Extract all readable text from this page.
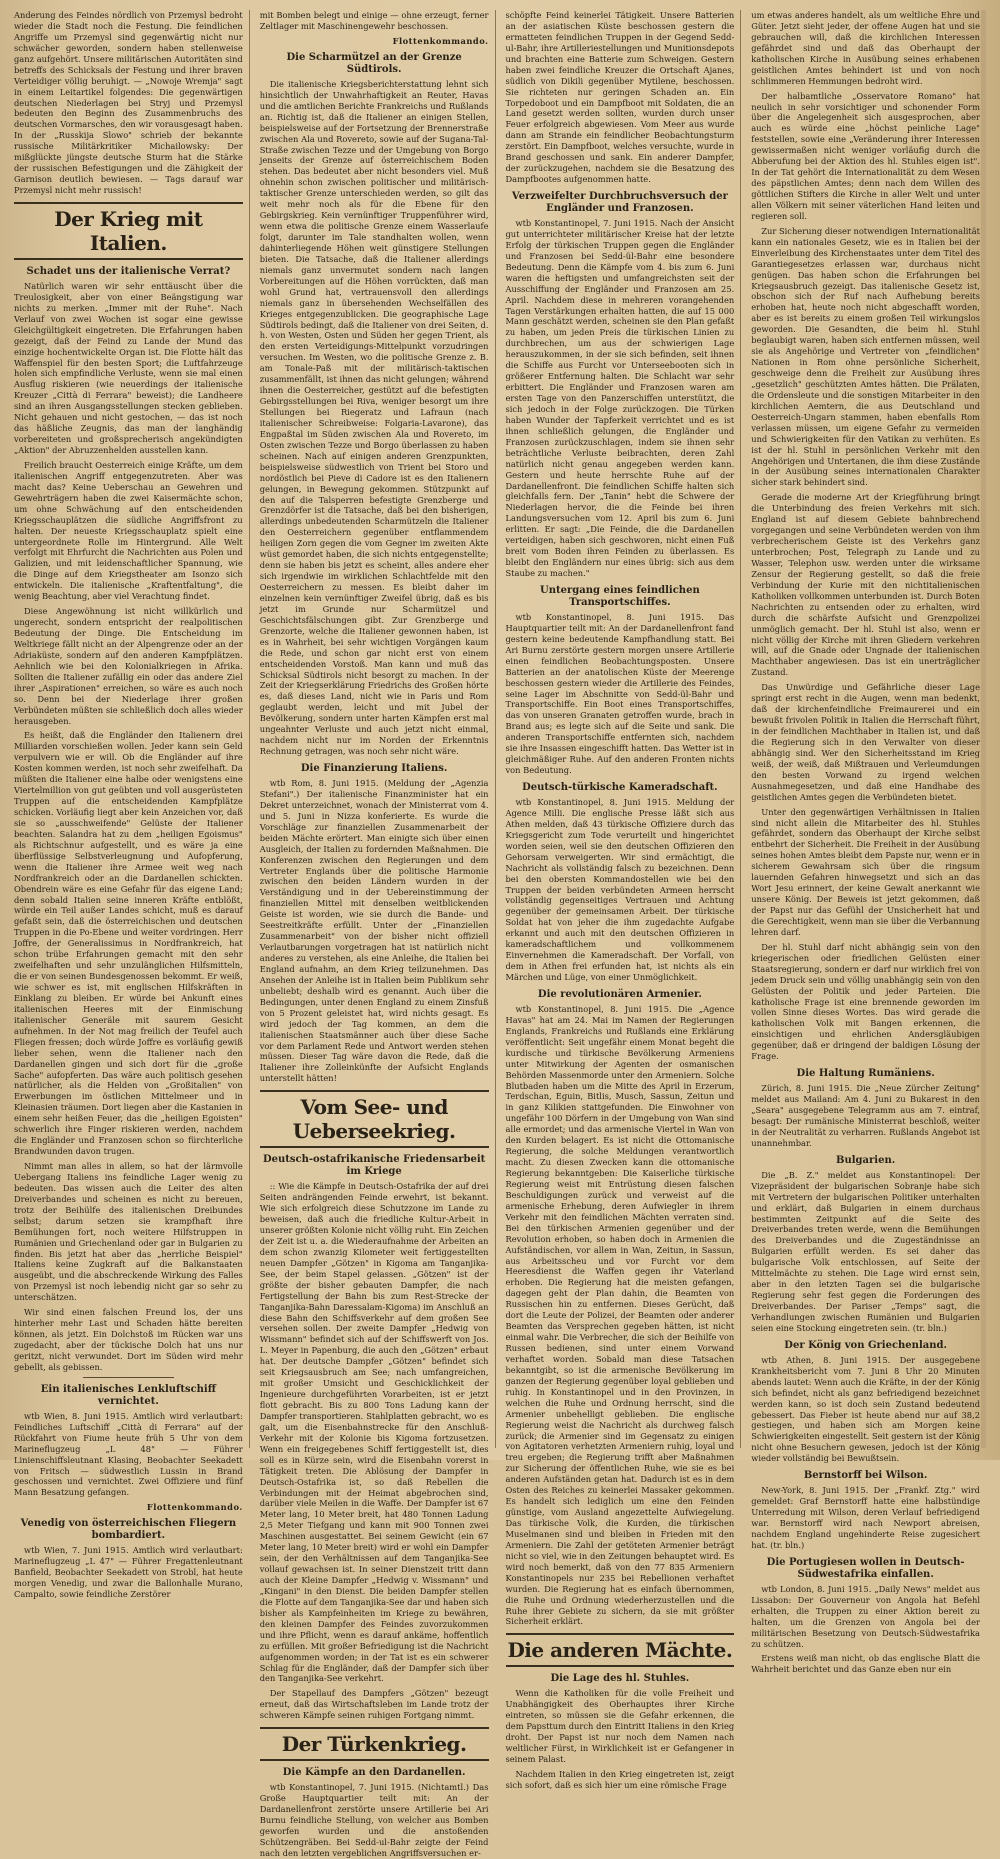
Anderung des Feindes nördlich von Przemysl bedroht wieder die Stadt noch die Festung. Die feindlichen Angriffe um Przemysl sind gegenwärtig nicht nur schwächer geworden, sondern haben stellenweise ganz aufgehört. Unsere militärischen Autoritäten sind betreffs des Schicksals der Festung und ihrer braven Verteidiger völlig beruhigt. — „Nowoje Wremja" sagt in einem Leitartikel folgendes: Die gegenwärtigen deutschen Niederlagen bei Stryj und Przemysl bedeuten den Beginn des Zusammenbruchs des deutschen Vormarsches, den wir vorausgesagt haben. In der „Russkija Slowo" schrieb der bekannte russische Militärkritiker Michailowsky: Der mißglückte jüngste deutsche Sturm hat die Stärke der russischen Befestigungen und die Zähigkeit der Garnison deutlich bewiesen. — Tags darauf war Przemysl nicht mehr russisch!

Der Krieg mit Italien.
Schadet uns der italienische Verrat?

Natürlich waren wir sehr enttäuscht über die Treulosigkeit, aber von einer Beängstigung war nichts zu merken. „Immer mit der Ruhe". Nach Verlauf von zwei Wochen ist sogar eine gewisse Gleichgültigkeit eingetreten. Die Erfahrungen haben gezeigt, daß der Feind zu Lande der Mund das einzige hochentwickelte Organ ist. Die Flotte hält das Waffenspiel für den besten Sport; die Luftfahrzeuge holen sich empfindliche Verluste, wenn sie mal einen Ausflug riskieren (wie neuerdings der italienische Kreuzer „Città di Ferrara" beweist); die Landheere sind an ihren Ausgangsstellungen stecken geblieben. Nicht gehauen und nicht gestochen, — das ist noch das häßliche Zeugnis, das man der langhändig vorbereiteten und großsprecherisch angekündigten „Aktion" der Abruzzenhelden ausstellen kann.

Freilich braucht Oesterreich einige Kräfte, um dem italienischen Angriff entgegenzutreten. Aber was macht das? Keine Ueberschau an Gewehren und Gewehrträgern haben die zwei Kaisermächte schon, um ohne Schwächung auf den entscheidenden Kriegsschauplätzen die südliche Angriffsfront zu halten. Der neueste Kriegsschauplatz spielt eine untergeordnete Rolle im Hintergrund. Alle Welt verfolgt mit Ehrfurcht die Nachrichten aus Polen und Galizien, und mit leidenschaftlicher Spannung, wie die Dinge auf dem Kriegstheater am Isonzo sich entwickeln. Die italienische „Kraftentfaltung", die wenig Beachtung, aber viel Verachtung findet.

Diese Angewöhnung ist nicht willkürlich und ungerecht, sondern entspricht der realpolitischen Bedeutung der Dinge. Die Entscheidung im Weltkriege fällt nicht an der Alpengrenze oder an der Adriaküste, sondern auf den anderen Kampfplätzen. Aehnlich wie bei den Kolonialkriegen in Afrika. Sollten die Italiener zufällig ein oder das andere Ziel ihrer „Aspirationen" erreichen, so wäre es auch noch so. Denn bei der Niederlage ihrer großen Verbündeten müßten sie schließlich doch alles wieder herausgeben.

Es heißt, daß die Engländer den Italienern drei Milliarden vorschießen wollen. Jeder kann sein Geld verpulvern wie er will. Ob die Engländer auf ihre Kosten kommen werden, ist noch sehr zweifelhaft. Da müßten die Italiener eine halbe oder wenigstens eine Viertelmillion von gut geübten und voll ausgerüsteten Truppen auf die entscheidenden Kampfplätze schicken. Vorläufig liegt aber kein Anzeichen vor, daß sie so „ausschweifende" Gelüste der Italiener beachten. Salandra hat zu dem „heiligen Egoismus" als Richtschnur aufgestellt, und es wäre ja eine überflüssige Selbstverleugnung und Aufopferung, wenn die Italiener ihre Armee weit weg nach Nordfrankreich oder an die Dardanellen schickten. Obendrein wäre es eine Gefahr für das eigene Land; denn sobald Italien seine inneren Kräfte entblößt, würde ein Teil außer Landes schicht, muß es darauf gefaßt sein, daß die österreichischen und deutschen Truppen in die Po-Ebene und weiter vordringen. Herr Joffre, der Generalissimus in Nordfrankreich, hat schon trübe Erfahrungen gemacht mit den sehr zweifelhaften und sehr unzulänglichen Hilfsmitteln, die er von seinen Bundesgenossen bekommt. Er weiß, wie schwer es ist, mit englischen Hilfskräften in Einklang zu bleiben. Er würde bei Ankunft eines italienischen Heeres mit der Einmischung italienischer Generäle mit saurem Gesicht aufnehmen. In der Not mag freilich der Teufel auch Fliegen fressen; doch würde Joffre es vorläufig gewiß lieber sehen, wenn die Italiener nach den Dardanellen gingen und sich dort für die „große Sache" aufopferten. Das wäre auch politisch gesehen natürlicher, als die Helden von „Großitalien" von Erwerbungen im östlichen Mittelmeer und in Kleinasien träumen. Dort liegen aber die Kastanien in einem sehr heißen Feuer, das die „heiligen Egoisten" schwerlich ihre Finger riskieren werden, nachdem die Engländer und Franzosen schon so fürchterliche Brandwunden davon trugen.

Nimmt man alles in allem, so hat der lärmvolle Uebergang Italiens ins feindliche Lager wenig zu bedeuten. Das wissen auch die Leiter des alten Dreiverbandes und scheinen es nicht zu bereuen, trotz der Beihülfe des italienischen Dreibundes selbst; darum setzen sie krampfhaft ihre Bemühungen fort, noch weitere Hilfstruppen in Rumänien und Griechenland oder gar in Bulgarien zu finden. Bis jetzt hat aber das „herrliche Beispiel" Italiens keine Zugkraft auf die Balkanstaaten ausgeübt, und die abschreckende Wirkung des Falles von Przemysl ist noch lebendig nicht gar so sehr zu unterschätzen.

Wir sind einen falschen Freund los, der uns hinterher mehr Last und Schaden hätte bereiten können, als jetzt. Ein Dolchstoß im Rücken war uns zugedacht, aber der tückische Dolch hat uns nur geritzt, nicht verwundet. Dort im Süden wird mehr gebellt, als gebissen.

Ein italienisches Lenkluftschiff vernichtet.

wtb Wien, 8. Juni 1915. Amtlich wird verlautbart: Feindliches Luftschiff „Città di Ferrara" auf der Rückfahrt von Fiume heute früh 5 Uhr von dem Marineflugzeug „L 48" — Führer Linienschiffsleutnant Klasing, Beobachter Seekadett von Fritsch — südwestlich Lussin in Brand geschossen und vernichtet. Zwei Offiziere und fünf Mann Besatzung gefangen.

Flottenkommando.
Venedig von österreichischen Fliegern bombardiert.

wtb Wien, 7. Juni 1915. Amtlich wird verlautbart: Marineflugzeug „L 47" — Führer Fregattenleutnant Banfield, Beobachter Seekadett von Strobl, hat heute morgen Venedig, und zwar die Ballonhalle Murano, Campalto, sowie feindliche Zerstörer

mit Bomben belegt und einige — ohne erzeugt, ferner Zeltlager mit Maschinengewehr beschossen.

Flottenkommando.
Die Scharmützel an der Grenze Südtirols.

Die italienische Kriegsberichterstattung lehnt sich hinsichtlich der Unwahrhaftigkeit an Reuter, Havas und die amtlichen Berichte Frankreichs und Rußlands an. Richtig ist, daß die Italiener an einigen Stellen, beispielsweise auf der Fortsetzung der Brennerstraße zwischen Ala und Rovereto, sowie auf der Sugana-Tal-Straße zwischen Tezze und der Umgebung von Borgo jenseits der Grenze auf österreichischem Boden stehen. Das bedeutet aber nicht besonders viel. Muß ohnehin schon zwischen politischer und militärisch-taktischer Grenze unterschieden werden, so gilt das weit mehr noch als für die Ebene für den Gebirgskrieg. Kein vernünftiger Truppenführer wird, wenn etwa die politische Grenze einem Wasserlaufe folgt, darunter im Tale standhalten wollen, wenn dahinterliegende Höhen weit günstigere Stellungen bieten. Die Tatsache, daß die Italiener allerdings niemals ganz unvermutet sondern nach langen Vorbereitungen auf die Höhen vorrückten, daß man wohl Grund hat, vertrauensvoll den allerdings niemals ganz in übersehenden Wechselfällen des Krieges entgegenzublicken. Die geographische Lage Südtirols bedingt, daß die Italiener von drei Seiten, d. h. von Westen, Osten und Süden her gegen Trient, als den ersten Verteidigungs-Mittelpunkt vorzudringen versuchen. Im Westen, wo die politische Grenze z. B. am Tonale-Paß mit der militärisch-taktischen zusammenfällt, ist ihnen das nicht gelungen; während ihnen die Oesterreicher, gestützt auf die befestigten Gebirgsstellungen bei Riva, weniger besorgt um ihre Stellungen bei Riegeratz und Lafraun (nach italienischer Schreibweise: Folgaria-Lavarone), das Engpaßtal im Süden zwischen Ala und Rovereto, im Osten zwischen Tezze und Borgo überlassen zu haben scheinen. Nach auf einigen anderen Grenzpunkten, beispielsweise südwestlich von Trient bei Storo und nordöstlich bei Pieve di Cadore ist es den Italienern gelungen, in Bewegung gekommen. Stützpunkt auf den auf die Talsperren befestigte Grenzberge und Grenzdörfer ist die Tatsache, daß bei den bisherigen, allerdings unbedeutenden Scharmützeln die Italiener den Oesterreichern gegenüber entflammendem heiligen Zorn gegen die vom Gegner im zweiten Akte wüst gemordet haben, die sich nichts entgegenstellte; denn sie haben bis jetzt es scheint, alles andere eher sich irgendwie im wirklichen Schlachtfelde mit den Oesterreichern zu messen. Es bleibt daher im einzelnen kein vernünftiger Zweifel übrig, daß es bis jetzt im Grunde nur Scharmützel und Geschichtsfälschungen gibt. Zur Grenzberge und Grenzorte, welche die Italiener gewonnen haben, ist es in Wahrheit, bei sehr wichtigen Vorgängen kaum die Rede, und schon gar nicht erst von einem entscheidenden Vorstoß. Man kann und muß das Schicksal Südtirols nicht besorgt zu machen. In der Zeit der Kriegserklärung Friedrichs des Großen hörte es, daß dieses Land, nicht wie in Paris und Rom geglaubt werden, leicht und mit Jubel der Bevölkerung, sondern unter harten Kämpfen erst mal ungeahnter Verluste und auch jetzt nicht einmal, nachdem nicht nur im Norden der Erkenntnis Rechnung getragen, was noch sehr nicht wäre.

Die Finanzierung Italiens.

wtb Rom, 8. Juni 1915. (Meldung der „Agenzia Stefani".) Der italienische Finanzminister hat ein Dekret unterzeichnet, wonach der Ministerrat vom 4. und 5. Juni in Nizza konferierte. Es wurde die Vorschläge zur finanziellen Zusammenarbeit der beiden Mächte erörtert. Man einigte sich über einen Ausgleich, der Italien zu fordernden Maßnahmen. Die Konferenzen zwischen den Regierungen und dem Vertreter Englands über die politische Harmonie zwischen den beiden Ländern wurden in der Verständigung und in der Uebereinstimmung der finanziellen Mittel mit denselben weitblickenden Geiste ist worden, wie sie durch die Bande- und Seestreitkräfte erfüllt. Unter der „Finanziellen Zusammenarbeit" von der bisher nicht offiziell Verlautbarungen vorgetragen hat ist natürlich nicht anderes zu verstehen, als eine Anleihe, die Italien bei England aufnahm, an dem Krieg teilzunehmen. Das Ansehen der Anleihe ist in Italien beim Publikum sehr unbeliebt; deshalb wird es genannt. Auch über die Bedingungen, unter denen England zu einem Zinsfuß von 5 Prozent geleistet hat, wird nichts gesagt. Es wird jedoch der Tag kommen, an dem die italienischen Staatsmänner auch über diese Sache vor dem Parlament Rede und Antwort werden stehen müssen. Dieser Tag wäre davon die Rede, daß die Italiener ihre Zolleinkünfte der Aufsicht Englands unterstellt hätten!

Vom See- und Ueberseekrieg.
Deutsch-ostafrikanische Friedensarbeit im Kriege

:: Wie die Kämpfe in Deutsch-Ostafrika der auf drei Seiten andrängenden Feinde erwehrt, ist bekannt. Wie sich erfolgreich diese Schutzzone im Lande zu beweisen, daß auch die friedliche Kultur-Arbeit in unserer größten Kolonie nicht völlig ruht. Ein Zeichen der Zeit ist u. a. die Wiederaufnahme der Arbeiten an dem schon zwanzig Kilometer weit fertiggestellten neuen Dampfer „Götzen" in Kigoma am Tanganjika-See, der beim Stapel gelassen. „Götzen" ist der größte der bisher gebauten Dampfer, die nach Fertigstellung der Bahn bis zum Rest-Strecke der Tanganjika-Bahn Daressalam-Kigoma) im Anschluß an diese Bahn den Schiffsverkehr auf dem großen See versehen sollen. Der zweite Dampfer „Hedwig von Wissmann" befindet sich auf der Schiffswerft von Jos. L. Meyer in Papenburg, die auch den „Götzen" erbaut hat. Der deutsche Dampfer „Götzen" befindet sich seit Kriegsausbruch am See; nach umfangreichen, mit großer Umsicht und Geschicklichkeit der Ingenieure durchgeführten Vorarbeiten, ist er jetzt flott gebracht. Bis zu 800 Tons Ladung kann der Dampfer transportieren. Stahlplatten gebracht, wo es galt, um die Eisenbahnstrecke für den Anschluß-Verkehr mit der Kolonie bis Kigoma fortzusetzen. Wenn ein freigegebenes Schiff fertiggestellt ist, dies soll es in Kürze sein, wird die Eisenbahn vorerst in Tätigkeit treten. Die Ablösung der Dampfer in Deutsch-Ostafrika ist, so daß Rebellen die Verbindungen mit der Heimat abgebrochen sind, darüber viele Meilen in die Waffe. Der Dampfer ist 67 Meter lang, 10 Meter breit, hat 480 Tonnen Ladung 2,5 Meter Tiefgang und kann mit 900 Tonnen zwei Maschinen ausgestattet. Bei seinem Gewicht (ein 67 Meter lang, 10 Meter breit) wird er wohl ein Dampfer sein, der den Verhältnissen auf dem Tanganjika-See vollauf gewachsen ist. In seiner Dienstzeit tritt dann auch der Kleine Dampfer „Hedwig v. Wissmann" und „Kingani" in den Dienst. Die beiden Dampfer stellen die Flotte auf dem Tanganjika-See dar und haben sich bisher als Kampfeinheiten im Kriege zu bewähren, den kleinen Dampfer des Feindes zuvorzukommen und ihre Pflicht, wenn es darauf ankäme, hoffentlich zu erfüllen. Mit großer Befriedigung ist die Nachricht aufgenommen worden; in der Tat ist es ein schwerer Schlag für die Engländer, daß der Dampfer sich über den Tanganjika-See verkehrt.

Der Stapellauf des Dampfers „Götzen" bezeugt erneut, daß das Wirtschaftsleben im Lande trotz der schweren Kämpfe seinen ruhigen Fortgang nimmt.

Der Türkenkrieg.
Die Kämpfe an den Dardanellen.

wtb Konstantinopel, 7. Juni 1915. (Nichtamtl.) Das Große Hauptquartier teilt mit: An der Dardanellenfront zerstörte unsere Artillerie bei Ari Burnu feindliche Stellung, von welcher aus Bomben geworfen wurden und die anstoßenden Schützengräben. Bei Sedd-ul-Bahr zeigte der Feind nach den letzten vergeblichen Angriffsversuchen er-

schöpfte Feind keinerlei Tätigkeit. Unsere Batterien an der asiatischen Küste beschossen gestern die ermatteten feindlichen Truppen in der Gegend Sedd-ul-Bahr, ihre Artilleriestellungen und Munitionsdepots und brachten eine Batterie zum Schweigen. Gestern haben zwei feindliche Kreuzer die Ortschaft Ajanes, südlich von Dikili gegenüber Mytilene, beschossen. Sie richteten nur geringen Schaden an. Ein Torpedoboot und ein Dampfboot mit Soldaten, die an Land gesetzt werden sollten, wurden durch unser Feuer erfolgreich abgewiesen. Vom Meer aus wurde dann am Strande ein feindlicher Beobachtungsturm zerstört. Ein Dampfboot, welches versuchte, wurde in Brand geschossen und sank. Ein anderer Dampfer, der zurückzugehen, nachdem sie die Besatzung des Dampfbootes aufgenommen hatte.

Verzweifelter Durchbruchsversuch der Engländer und Franzosen.

wtb Konstantinopel, 7. Juni 1915. Nach der Ansicht gut unterrichteter militärischer Kreise hat der letzte Erfolg der türkischen Truppen gegen die Engländer und Franzosen bei Sedd-ül-Bahr eine besondere Bedeutung. Denn die Kämpfe vom 4. bis zum 6. Juni waren die heftigsten und umfangreichsten seit der Ausschiffung der Engländer und Franzosen am 25. April. Nachdem diese in mehreren vorangehenden Tagen Verstärkungen erhalten hatten, die auf 15 000 Mann geschätzt werden, scheinen sie den Plan gefaßt zu haben, um jeden Preis die türkischen Linien zu durchbrechen, um aus der schwierigen Lage herauszukommen, in der sie sich befinden, seit ihnen die Schiffe aus Furcht vor Unterseebooten sich in größerer Entfernung halten. Die Schlacht war sehr erbittert. Die Engländer und Franzosen waren am ersten Tage von den Panzerschiffen unterstützt, die sich jedoch in der Folge zurückzogen. Die Türken haben Wunder der Tapferkeit verrichtet und es ist ihnen schließlich gelungen, die Engländer und Franzosen zurückzuschlagen, indem sie ihnen sehr beträchtliche Verluste beibrachten, deren Zahl natürlich nicht genau angegeben werden kann. Gestern und heute herrschte Ruhe auf der Dardanellenfront. Die feindlichen Schiffe halten sich gleichfalls fern. Der „Tanin" hebt die Schwere der Niederlagen hervor, die die Feinde bei ihren Landungsversuchen vom 12. April bis zum 6. Juni erlitten. Er sagt: „Die Feinde, die die Dardanellen verteidigen, haben sich geschworen, nicht einen Fuß breit vom Boden ihren Feinden zu überlassen. Es bleibt den Engländern nur eines übrig: sich aus dem Staube zu machen."

Untergang eines feindlichen Transportschiffes.

wtb Konstantinopel, 8. Juni 1915. Das Hauptquartier teilt mit: An der Dardanellenfront fand gestern keine bedeutende Kampfhandlung statt. Bei Ari Burnu zerstörte gestern morgen unsere Artillerie einen feindlichen Beobachtungsposten. Unsere Batterien an der anatolischen Küste der Meerenge beschossen gestern wieder die Artillerie des Feindes, seine Lager im Abschnitte von Sedd-ül-Bahr und Transportschiffe. Ein Boot eines Transportschiffes, das von unseren Granaten getroffen wurde, brach in Brand aus; es legte sich auf die Seite und sank. Die anderen Transportschiffe entfernten sich, nachdem sie ihre Insassen eingeschifft hatten. Das Wetter ist in gleichmäßiger Ruhe. Auf den anderen Fronten nichts von Bedeutung.

Deutsch-türkische Kameradschaft.

wtb Konstantinopel, 8. Juni 1915. Meldung der Agence Milli. Die englische Presse läßt sich aus Athen melden, daß 43 türkische Offiziere durch das Kriegsgericht zum Tode verurteilt und hingerichtet worden seien, weil sie den deutschen Offizieren den Gehorsam verweigerten. Wir sind ermächtigt, die Nachricht als vollständig falsch zu bezeichnen. Denn bei den obersten Kommandostellen wie bei den Truppen der beiden verbündeten Armeen herrscht vollständig gegenseitiges Vertrauen und Achtung gegenüber der gemeinsamen Arbeit. Der türkische Soldat hat von jeher die ihm zugedachte Aufgabe erkannt und auch mit den deutschen Offizieren in kameradschaftlichem und vollkommenem Einvernehmen die Kameradschaft. Der Vorfall, von dem in Athen frei erfunden hat, ist nichts als ein Märchen und Lüge, von einer Unmöglichkeit.

Die revolutionären Armenier.

wtb Konstantinopel, 8. Juni 1915. Die „Agence Havas" hat am 24. Mai im Namen der Regierungen Englands, Frankreichs und Rußlands eine Erklärung veröffentlicht: Seit ungefähr einem Monat begeht die kurdische und türkische Bevölkerung Armeniens unter Mitwirkung der Agenten der osmanischen Behörden Massenmorde unter den Armeniern. Solche Blutbaden haben um die Mitte des April in Erzerum, Terdschan, Eguin, Bitlis, Musch, Sassun, Zeitun und in ganz Kilikien stattgefunden. Die Einwohner von ungefähr 100 Dörfern in der Umgebung von Wan sind alle ermordet; und das armenische Viertel in Wan von den Kurden belagert. Es ist nicht die Ottomanische Regierung, die solche Meldungen verantwortlich macht. Zu diesen Zwecken kann die ottomanische Regierung bekanntgeben: Die Kaiserliche türkische Regierung weist mit Entrüstung diesen falschen Beschuldigungen zurück und verweist auf die armenische Erhebung, deren Aufwiegler in ihrem Verkehr mit den feindlichen Mächten verraten sind. Bei den türkischen Armenien gegenüber und der Revolution erhoben, so haben doch in Armenien die Aufständischen, vor allem in Wan, Zeitun, in Sassun, aus Arbeitsscheu und vor Furcht vor dem Heeresdienst die Waffen gegen ihr Vaterland erhoben. Die Regierung hat die meisten gefangen, dagegen geht der Plan dahin, die Beamten von Russischen hin zu entfernen. Dieses Gerücht, daß dort die Leute der Polizei, der Beamten oder anderer Beamten das Versprechen gegeben hätten, ist nicht einmal wahr. Die Verbrecher, die sich der Beihilfe von Russen bedienen, sind unter einem Vorwand verhaftet worden. Sobald man diese Tatsachen bekanntgibt, so ist die armenische Bevölkerung im ganzen der Regierung gegenüber loyal geblieben und ruhig. In Konstantinopel und in den Provinzen, in welchen die Ruhe und Ordnung herrscht, sind die Armenier unbehelligt geblieben. Die englische Regierung weist die Nachricht als durchweg falsch zurück; die Armenier sind im Gegensatz zu einigen von Agitatoren verhetzten Armeniern ruhig, loyal und treu ergeben; die Regierung trifft aber Maßnahmen zur Sicherung der öffentlichen Ruhe, wie sie es bei anderen Aufständen getan hat. Dadurch ist es in dem Osten des Reiches zu keinerlei Massaker gekommen. Es handelt sich lediglich um eine den Feinden günstige, vom Ausland angezettelte Aufwiegelung. Das türkische Volk, die Kurden, die türkischen Muselmanen sind und bleiben in Frieden mit den Armeniern. Die Zahl der getöteten Armenier beträgt nicht so viel, wie in den Zeitungen behauptet wird. Es wird noch bemerkt, daß von den 77 835 Armeniern Konstantinopels nur 235 bei Rebellionen verhaftet wurden. Die Regierung hat es einfach übernommen, die Ruhe und Ordnung wiederherzustellen und die Ruhe ihrer Gebiete zu sichern, da sie mit größter Sicherheit erklärt.

Die anderen Mächte.
Die Lage des hl. Stuhles.

Wenn die Katholiken für die volle Freiheit und Unabhängigkeit des Oberhauptes ihrer Kirche eintreten, so müssen sie die Gefahr erkennen, die dem Papsttum durch den Eintritt Italiens in den Krieg droht. Der Papst ist nur noch dem Namen nach weltlicher Fürst, in Wirklichkeit ist er Gefangener in seinem Palast.

Nachdem Italien in den Krieg eingetreten ist, zeigt sich sofort, daß es sich hier um eine römische Frage

um etwas anderes handelt, als um weltliche Ehre und Güter. Jetzt sieht jeder, der offene Augen hat und sie gebrauchen will, daß die kirchlichen Interessen gefährdet sind und daß das Oberhaupt der katholischen Kirche in Ausübung seines erhabenen geistlichen Amtes behindert ist und von noch schlimmeren Hemmungen bedroht wird.

Der halbamtliche „Osservatore Romano" hat neulich in sehr vorsichtiger und schonender Form über die Angelegenheit sich ausgesprochen, aber auch es würde eine „höchst peinliche Lage" feststellen, sowie eine „Veränderung ihrer Interessen gewissermaßen nicht weniger vorläufig durch die Abberufung bei der Aktion des hl. Stuhles eigen ist". In der Tat gehört die Internationalität zu dem Wesen des päpstlichen Amtes; denn nach dem Willen des göttlichen Stifters die Kirche in aller Welt und unter allen Völkern mit seiner väterlichen Hand leiten und regieren soll.

Zur Sicherung dieser notwendigen Internationalität kann ein nationales Gesetz, wie es in Italien bei der Einverleibung des Kirchenstaates unter dem Titel des Garantiegesetzes erlassen war, durchaus nicht genügen. Das haben schon die Erfahrungen bei Kriegsausbruch gezeigt. Das italienische Gesetz ist, obschon sich der Ruf nach Aufhebung bereits erhoben hat, heute noch nicht abgeschafft worden, aber es ist bereits zu einem großen Teil wirkungslos geworden. Die Gesandten, die beim hl. Stuhl beglaubigt waren, haben sich entfernen müssen, weil sie als Angehörige und Vertreter von „feindlichen" Nationen in Rom ohne persönliche Sicherheit, geschweige denn die Freiheit zur Ausübung ihres „gesetzlich" geschützten Amtes hätten. Die Prälaten, die Ordensleute und die sonstigen Mitarbeiter in den kirchlichen Aemtern, die aus Deutschland und Oesterreich-Ungarn stammen, haben ebenfalls Rom verlassen müssen, um eigene Gefahr zu vermeiden und Schwierigkeiten für den Vatikan zu verhüten. Es ist der hl. Stuhl in persönlichen Verkehr mit den Angehörigen und Untertanen, die ihm diese Zustände in der Ausübung seines internationalen Charakter sicher stark behindert sind.

Gerade die moderne Art der Kriegführung bringt die Unterbindung des freien Verkehrs mit sich. England ist auf diesem Gebiete bahnbrechend vorgegangen und seine Verbündeten werden von ihm verbrecherischem Geiste ist des Verkehrs ganz unterbrochen; Post, Telegraph zu Lande und zu Wasser, Telephon usw. werden unter die wirksame Zensur der Regierung gestellt, so daß die freie Verbindung der Kurie mit den nichtitalienischen Katholiken vollkommen unterbunden ist. Durch Boten Nachrichten zu entsenden oder zu erhalten, wird durch die schärfste Aufsicht und Grenzpolizei unmöglich gemacht. Der hl. Stuhl ist also, wenn er nicht völlig der Kirche mit ihren Gliedern verkehren will, auf die Gnade oder Ungnade der italienischen Machthaber angewiesen. Das ist ein unerträglicher Zustand.

Das Unwürdige und Gefährliche dieser Lage springt erst recht in die Augen, wenn man bedenkt, daß der kirchenfeindliche Freimaurerei und ein bewußt frivolen Politik in Italien die Herrschaft führt, in der feindlichen Machthaber in Italien ist, und daß die Regierung sich in den Verwalter von dieser abhängig sind. Wer den Sicherheitsstand im Krieg weiß, der weiß, daß Mißtrauen und Verleumdungen den besten Vorwand zu irgend welchen Ausnahmegesetzen, und daß eine Handhabe des geistlichen Amtes gegen die Verbündeten bietet.

Unter den gegenwärtigen Verhältnissen in Italien sind nicht allein die Mitarbeiter des hl. Stuhles gefährdet, sondern das Oberhaupt der Kirche selbst entbehrt der Sicherheit. Die Freiheit in der Ausübung seines hohen Amtes bleibt dem Papste nur, wenn er in sicherem Gewahrsam sich über die ringsum lauernden Gefahren hinwegsetzt und sich an das Wort Jesu erinnert, der keine Gewalt anerkannt wie unsere König. Der Beweis ist jetzt gekommen, daß der Papst nur das Gefühl der Unsicherheit hat und die Gerechtigkeit, wenn man sie über die Verbannung lehren darf.

Der hl. Stuhl darf nicht abhängig sein von den kriegerischen oder friedlichen Gelüsten einer Staatsregierung, sondern er darf nur wirklich frei von jedem Druck sein und völlig unabhängig sein von den Gelüsten der Politik und jeder Parteien. Die katholische Frage ist eine brennende geworden im vollen Sinne dieses Wortes. Das wird gerade die katholischen Volk mit Bangen erkennen, die einsichtigen und ehrlichen Andersgläubigen gegenüber, daß er dringend der baldigen Lösung der Frage.

Die Haltung Rumäniens.

Zürich, 8. Juni 1915. Die „Neue Zürcher Zeitung" meldet aus Mailand: Am 4. Juni zu Bukarest in den „Seara" ausgegebene Telegramm aus am 7. eintraf, besagt: Der rumänische Ministerrat beschloß, weiter in der Neutralität zu verharren. Rußlands Angebot ist unannehmbar.

Bulgarien.

Die „B. Z." meldet aus Konstantinopel: Der Vizepräsident der bulgarischen Sobranje habe sich mit Vertretern der bulgarischen Politiker unterhalten und erklärt, daß Bulgarien in einem durchaus bestimmten Zeitpunkt auf die Seite des Dreiverbandes treten werde, wenn die Bemühungen des Dreiverbandes und die Zugeständnisse an Bulgarien erfüllt werden. Es sei daher das bulgarische Volk entschlossen, auf Seite der Mittelmächte zu stehen. Die Lage wird ernst sein, aber in den letzten Tagen sei die bulgarische Regierung sehr fest gegen die Forderungen des Dreiverbandes. Der Pariser „Temps" sagt, die Verhandlungen zwischen Rumänien und Bulgarien seien eine Stockung eingetreten sein. (tr. bln.)

Der König von Griechenland.

wtb Athen, 8. Juni 1915. Der ausgegebene Krankheitsbericht vom 7. Juni 8 Uhr 20 Minuten abends lautet: Wenn auch die Kräfte, in der der König sich befindet, nicht als ganz befriedigend bezeichnet werden kann, so ist doch sein Zustand bedeutend gebessert. Das Fieber ist heute abend nur auf 38,2 gestiegen, und haben sich am Morgen keine Schwierigkeiten eingestellt. Seit gestern ist der König nicht ohne Besuchern gewesen, jedoch ist der König wieder vollständig bei Bewußtsein.

Bernstorff bei Wilson.

New-York, 8. Juni 1915. Der „Frankf. Ztg." wird gemeldet: Graf Bernstorff hatte eine halbstündige Unterredung mit Wilson, deren Verlauf befriedigend war. Bernstorff wird nach Newport abreisen, nachdem England ungehinderte Reise zugesichert hat. (tr. bln.)

Die Portugiesen wollen in Deutsch-Südwestafrika einfallen.

wtb London, 8. Juni 1915. „Daily News" meldet aus Lissabon: Der Gouverneur von Angola hat Befehl erhalten, die Truppen zu einer Aktion bereit zu halten, um die Grenzen von Angola bei der militärischen Besetzung von Deutsch-Südwestafrika zu schützen.

Erstens weiß man nicht, ob das englische Blatt die Wahrheit berichtet und das Ganze eben nur ein
